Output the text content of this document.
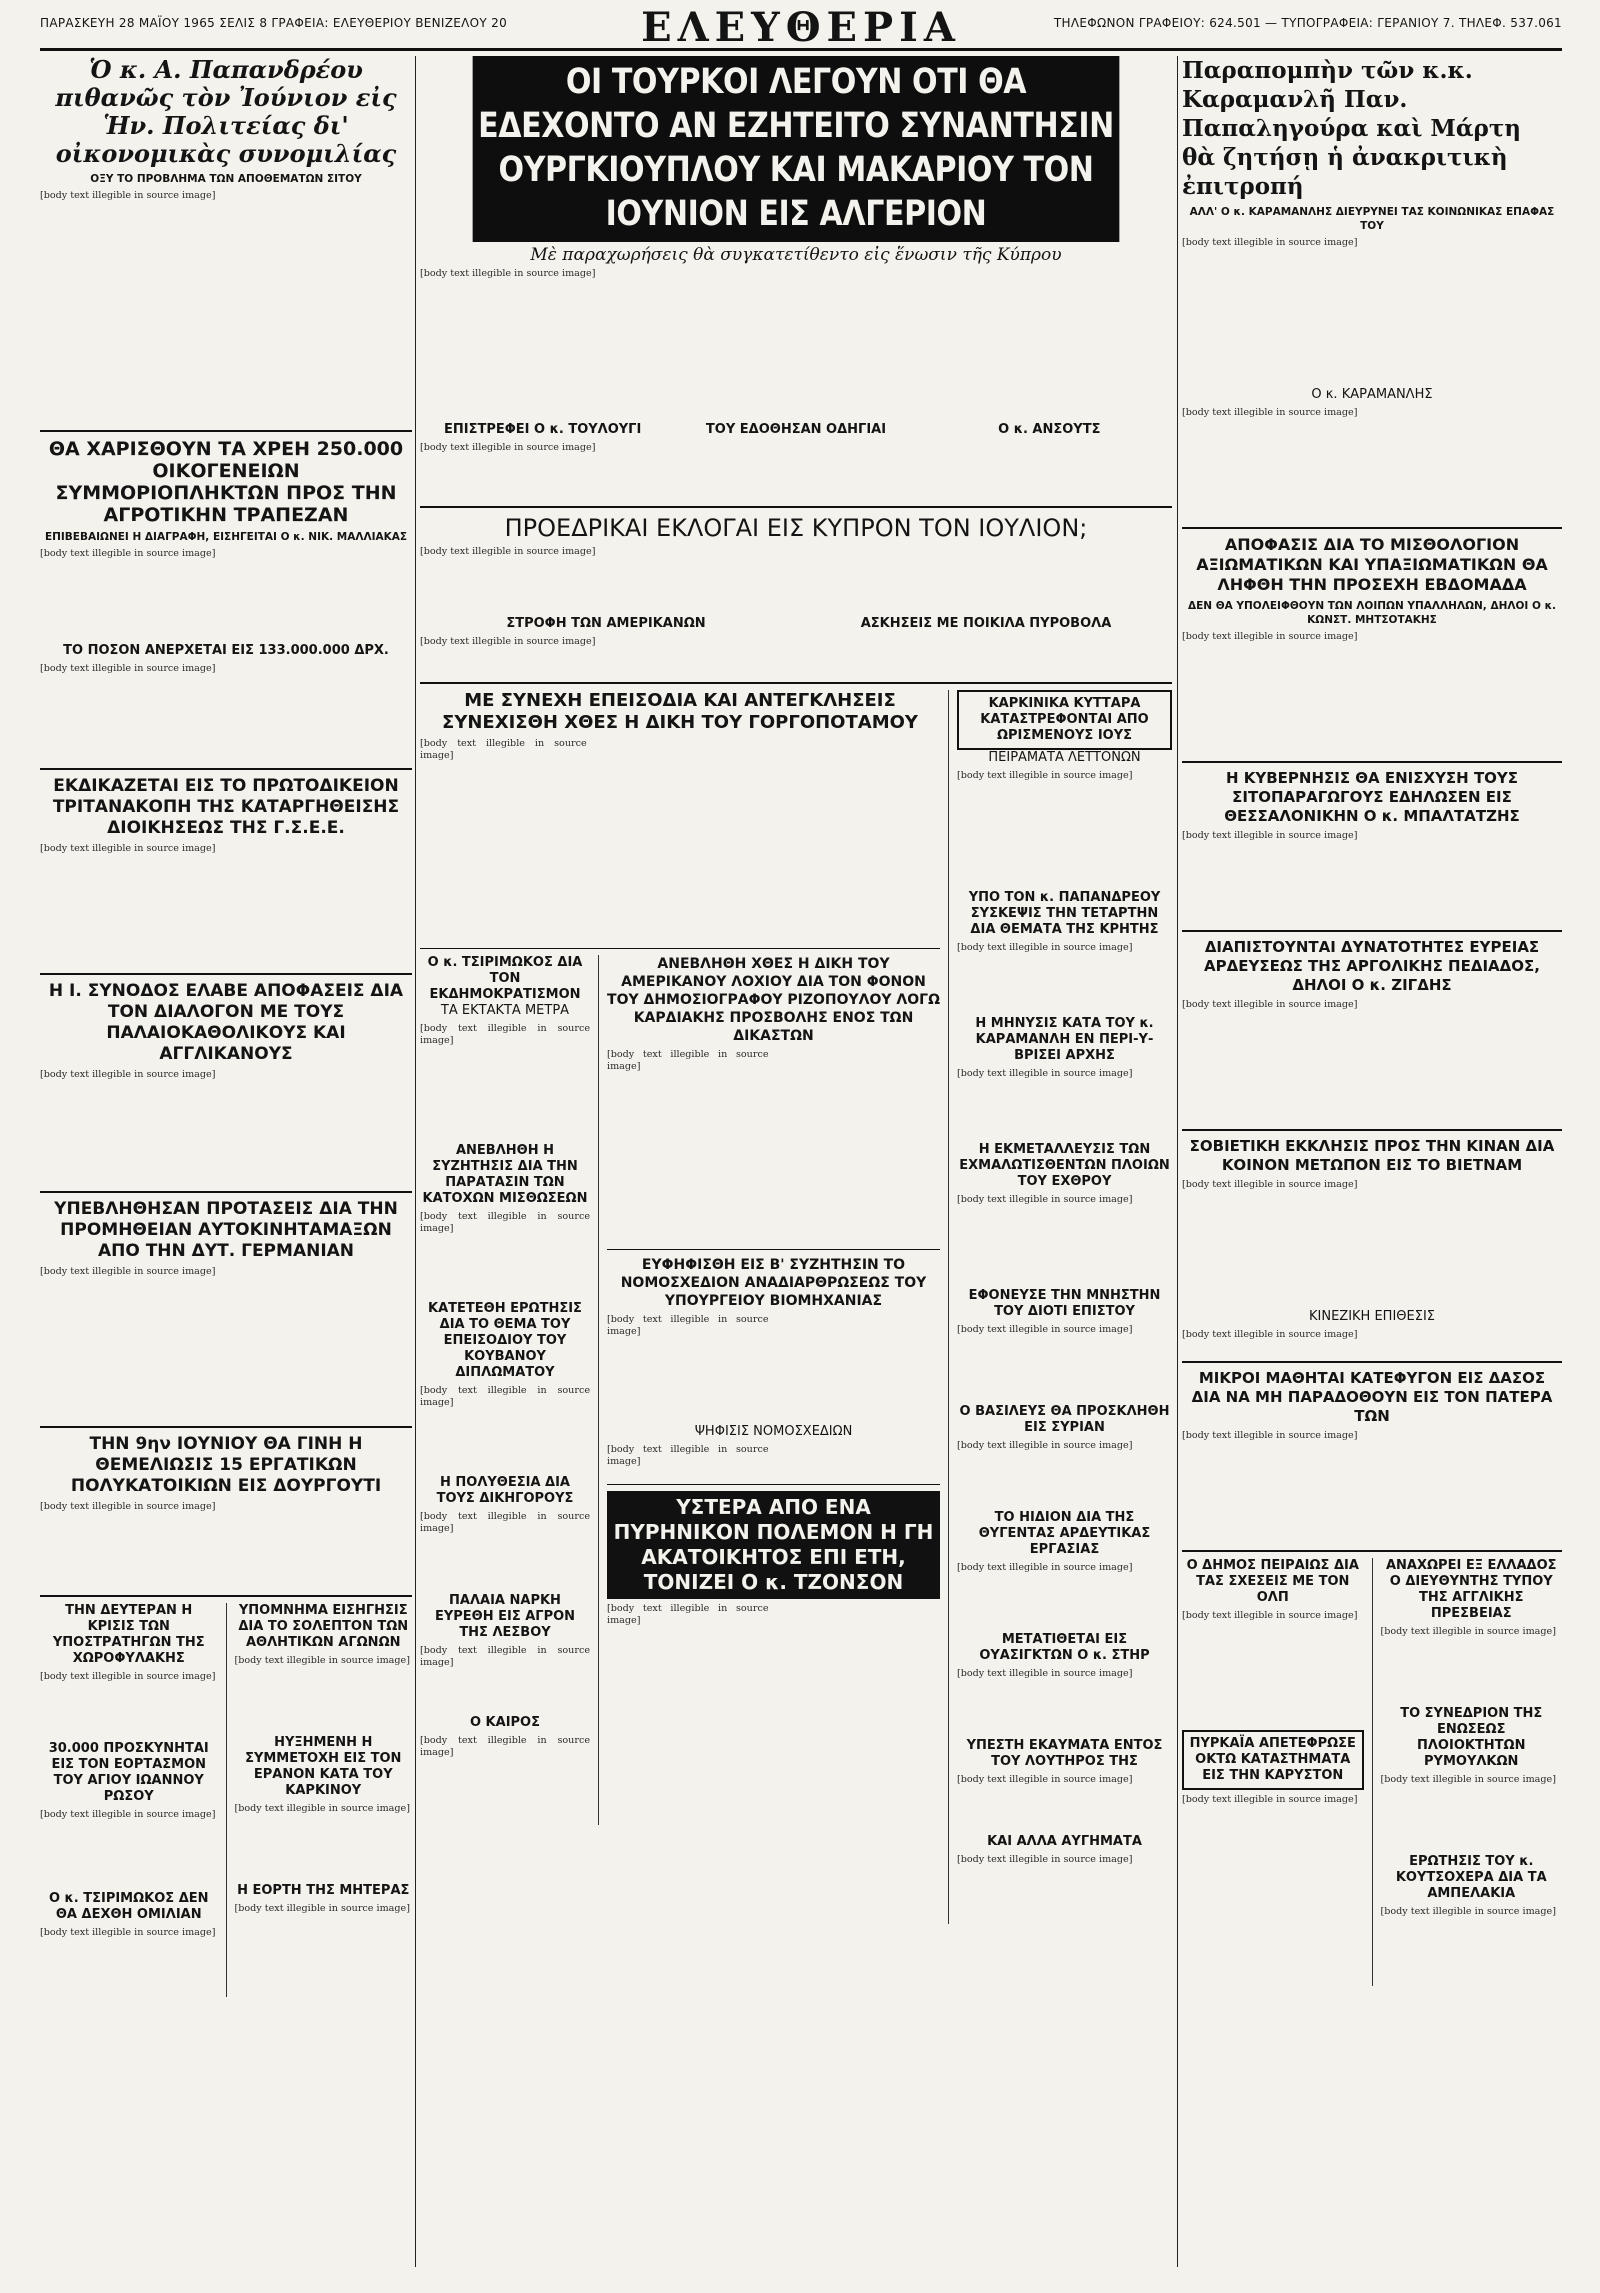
ΠΑΡΑΣΚΕΥΗ 28 ΜΑΪΟΥ 1965 ΣΕΛΙΣ 8 ΓΡΑΦΕΙΑ: ΕΛΕΥΘΕΡΙΟΥ ΒΕΝΙΖΕΛΟΥ 20	ΕΛΕΥΘΕΡΙΑ	ΤΗΛΕΦΩΝΟΝ ΓΡΑΦΕΙΟΥ: 624.501 — ΤΥΠΟΓΡΑΦΕΙΑ: ΓΕΡΑΝΙΟΥ 7. ΤΗΛΕΦ. 537.061
Ὁ κ. Α. Παπανδρέου πιθανῶς τὸν Ἰούνιον εἰς Ἡν. Πολιτείας δι' οἰκονομικὰς συνομιλίας
ΟΞΥ ΤΟ ΠΡΟΒΛΗΜΑ ΤΩΝ ΑΠΟΘΕΜΑΤΩΝ ΣΙΤΟΥ
[body text illegible in source image]
ΘΑ ΧΑΡΙΣΘΟΥΝ ΤΑ ΧΡΕΗ 250.000 ΟΙΚΟΓΕΝΕΙΩΝ ΣΥΜΜΟΡΙΟΠΛΗΚΤΩΝ ΠΡΟΣ ΤΗΝ ΑΓΡΟΤΙΚΗΝ ΤΡΑΠΕΖΑΝ
ΕΠΙΒΕΒΑΙΩΝΕΙ Η ΔΙΑΓΡΑΦΗ, ΕΙΣΗΓΕΙΤΑΙ Ο κ. ΝΙΚ. ΜΑΛΛΙΑΚΑΣ
[body text illegible in source image]
ΤΟ ΠΟΣΟΝ ΑΝΕΡΧΕΤΑΙ ΕΙΣ 133.000.000 ΔΡΧ.
[body text illegible in source image]
ΕΚΔΙΚΑΖΕΤΑΙ ΕΙΣ ΤΟ ΠΡΩΤΟΔΙΚΕΙΟΝ ΤΡΙΤΑΝΑΚΟΠΗ ΤΗΣ ΚΑΤΑΡΓΗΘΕΙΣΗΣ ΔΙΟΙΚΗΣΕΩΣ ΤΗΣ Γ.Σ.Ε.Ε.
[body text illegible in source image]
Η Ι. ΣΥΝΟΔΟΣ ΕΛΑΒΕ ΑΠΟΦΑΣΕΙΣ ΔΙΑ ΤΟΝ ΔΙΑΛΟΓΟΝ ΜΕ ΤΟΥΣ ΠΑΛΑΙΟΚΑΘΟΛΙΚΟΥΣ ΚΑΙ ΑΓΓΛΙΚΑΝΟΥΣ
[body text illegible in source image]
ΥΠΕΒΛΗΘΗΣΑΝ ΠΡΟΤΑΣΕΙΣ ΔΙΑ ΤΗΝ ΠΡΟΜΗΘΕΙΑΝ ΑΥΤΟΚΙΝΗΤΑΜΑΞΩΝ ΑΠΟ ΤΗΝ ΔΥΤ. ΓΕΡΜΑΝΙΑΝ
[body text illegible in source image]
ΤΗΝ 9ην ΙΟΥΝΙΟΥ ΘΑ ΓΙΝΗ Η ΘΕΜΕΛΙΩΣΙΣ 15 ΕΡΓΑΤΙΚΩΝ ΠΟΛΥΚΑΤΟΙΚΙΩΝ ΕΙΣ ΔΟΥΡΓΟΥΤΙ
[body text illegible in source image]
ΤΗΝ ΔΕΥΤΕΡΑΝ Η ΚΡΙΣΙΣ ΤΩΝ ΥΠΟΣΤΡΑΤΗΓΩΝ ΤΗΣ ΧΩΡΟΦΥΛΑΚΗΣ
[body text illegible in source image]
30.000 ΠΡΟΣΚΥΝΗΤΑΙ ΕΙΣ ΤΟΝ ΕΟΡΤΑΣΜΟΝ ΤΟΥ ΑΓΙΟΥ ΙΩΑΝΝΟΥ ΡΩΣΟΥ
[body text illegible in source image]
Ο κ. ΤΣΙΡΙΜΩΚΟΣ ΔΕΝ ΘΑ ΔΕΧΘΗ ΟΜΙΛΙΑΝ
[body text illegible in source image]
ΥΠΟΜΝΗΜΑ ΕΙΣΗΓΗΣΙΣ ΔΙΑ ΤΟ ΣΟΛΕΠΤΟΝ ΤΩΝ ΑΘΛΗΤΙΚΩΝ ΑΓΩΝΩΝ
[body text illegible in source image]
ΗΥΞΗΜΕΝΗ Η ΣΥΜΜΕΤΟΧΗ ΕΙΣ ΤΟΝ ΕΡΑΝΟΝ ΚΑΤΑ ΤΟΥ ΚΑΡΚΙΝΟΥ
[body text illegible in source image]
Η ΕΟΡΤΗ ΤΗΣ ΜΗΤΕΡΑΣ
[body text illegible in source image]
ΟΙ ΤΟΥΡΚΟΙ ΛΕΓΟΥΝ ΟΤΙ ΘΑ ΕΔΕΧΟΝΤΟ ΑΝ ΕΖΗΤΕΙΤΟ ΣΥΝΑΝΤΗΣΙΝ ΟΥΡΓΚΙΟΥΠΛΟΥ ΚΑΙ ΜΑΚΑΡΙΟΥ ΤΟΝ ΙΟΥΝΙΟΝ ΕΙΣ ΑΛΓΕΡΙΟΝ
Μὲ παραχωρήσεις θὰ συγκατετίθεντο εἰς ἕνωσιν τῆς Κύπρου
[body text illegible in source image]
ΕΠΙΣΤΡΕΦΕΙ Ο κ. ΤΟΥΛΟΥΓΙ	ΤΟΥ ΕΔΟΘΗΣΑΝ ΟΔΗΓΙΑΙ	Ο κ. ΑΝΣΟΥΤΣ
[body text illegible in source image]
ΠΡΟΕΔΡΙΚΑΙ ΕΚΛΟΓΑΙ ΕΙΣ ΚΥΠΡΟΝ ΤΟΝ ΙΟΥΛΙΟΝ;
[body text illegible in source image]
ΣΤΡΟΦΗ ΤΩΝ ΑΜΕΡΙΚΑΝΩΝ	ΑΣΚΗΣΕΙΣ ΜΕ ΠΟΙΚΙΛΑ ΠΥΡΟΒΟΛΑ
[body text illegible in source image]
ΜΕ ΣΥΝΕΧΗ ΕΠΕΙΣΟΔΙΑ ΚΑΙ ΑΝΤΕΓΚΛΗΣΕΙΣ ΣΥΝΕΧΙΣΘΗ ΧΘΕΣ Η ΔΙΚΗ ΤΟΥ ΓΟΡΓΟΠΟΤΑΜΟΥ
[body text illegible in source image]
Ο κ. ΤΣΙΡΙΜΩΚΟΣ ΔΙΑ ΤΟΝ ΕΚΔΗΜΟΚΡΑΤΙΣΜΟΝ
ΤΑ ΕΚΤΑΚΤΑ ΜΕΤΡΑ
[body text illegible in source image]
ΑΝΕΒΛΗΘΗ Η ΣΥΖΗΤΗΣΙΣ ΔΙΑ ΤΗΝ ΠΑΡΑΤΑΣΙΝ ΤΩΝ ΚΑΤΟΧΩΝ ΜΙΣΘΩΣΕΩΝ
[body text illegible in source image]
ΚΑΤΕΤΕΘΗ ΕΡΩΤΗΣΙΣ ΔΙΑ ΤΟ ΘΕΜΑ ΤΟΥ ΕΠΕΙΣΟΔΙΟΥ ΤΟΥ ΚΟΥΒΑΝΟΥ ΔΙΠΛΩΜΑΤΟΥ
[body text illegible in source image]
Η ΠΟΛΥΘΕΣΙΑ ΔΙΑ ΤΟΥΣ ΔΙΚΗΓΟΡΟΥΣ
[body text illegible in source image]
ΠΑΛΑΙΑ ΝΑΡΚΗ ΕΥΡΕΘΗ ΕΙΣ ΑΓΡΟΝ ΤΗΣ ΛΕΣΒΟΥ
[body text illegible in source image]
Ο ΚΑΙΡΟΣ
[body text illegible in source image]
ΑΝΕΒΛΗΘΗ ΧΘΕΣ Η ΔΙΚΗ ΤΟΥ ΑΜΕΡΙΚΑΝΟΥ ΛΟΧΙΟΥ ΔΙΑ ΤΟΝ ΦΟΝΟΝ ΤΟΥ ΔΗΜΟΣΙΟΓΡΑΦΟΥ ΡΙΖΟΠΟΥΛΟΥ ΛΟΓΩ ΚΑΡΔΙΑΚΗΣ ΠΡΟΣΒΟΛΗΣ ΕΝΟΣ ΤΩΝ ΔΙΚΑΣΤΩΝ
[body text illegible in source image]
ΕΥΦΗΦΙΣΘΗ ΕΙΣ Β' ΣΥΖΗΤΗΣΙΝ ΤΟ ΝΟΜΟΣΧΕΔΙΟΝ ΑΝΑΔΙΑΡΘΡΩΣΕΩΣ ΤΟΥ ΥΠΟΥΡΓΕΙΟΥ ΒΙΟΜΗΧΑΝΙΑΣ
[body text illegible in source image]
ΨΗΦΙΣΙΣ ΝΟΜΟΣΧΕΔΙΩΝ
[body text illegible in source image]
ΥΣΤΕΡΑ ΑΠΟ ΕΝΑ ΠΥΡΗΝΙΚΟΝ ΠΟΛΕΜΟΝ Η ΓΗ ΑΚΑΤΟΙΚΗΤΟΣ ΕΠΙ ΕΤΗ, ΤΟΝΙΖΕΙ Ο κ. ΤΖΟΝΣΟΝ
[body text illegible in source image]
ΚΑΡΚΙΝΙΚΑ ΚΥΤΤΑΡΑ ΚΑΤΑΣΤΡΕΦΟΝΤΑΙ ΑΠΟ ΩΡΙΣΜΕΝΟΥΣ ΙΟΥΣ
ΠΕΙΡΑΜΑΤΑ ΛΕΤΤΟΝΩΝ
[body text illegible in source image]
ΥΠΟ ΤΟΝ κ. ΠΑΠΑΝΔΡΕΟΥ ΣΥΣΚΕΨΙΣ ΤΗΝ ΤΕΤΑΡΤΗΝ ΔΙΑ ΘΕΜΑΤΑ ΤΗΣ ΚΡΗΤΗΣ
[body text illegible in source image]
Η ΜΗΝΥΣΙΣ ΚΑΤΑ ΤΟΥ κ. ΚΑΡΑΜΑΝΛΗ ΕΝ ΠΕΡΙ-Υ-ΒΡΙΣΕΙ ΑΡΧΗΣ
[body text illegible in source image]
Η ΕΚΜΕΤΑΛΛΕΥΣΙΣ ΤΩΝ ΕΧΜΑΛΩΤΙΣΘΕΝΤΩΝ ΠΛΟΙΩΝ ΤΟΥ ΕΧΘΡΟΥ
[body text illegible in source image]
ΕΦΟΝΕΥΣΕ ΤΗΝ ΜΝΗΣΤΗΝ ΤΟΥ ΔΙΟΤΙ ΕΠΙΣΤΟΥ
[body text illegible in source image]
Ο ΒΑΣΙΛΕΥΣ ΘΑ ΠΡΟΣΚΛΗΘΗ ΕΙΣ ΣΥΡΙΑΝ
[body text illegible in source image]
ΤΟ ΗΙΔΙΟΝ ΔΙΑ ΤΗΣ ΘΥΓΕΝΤΑΣ ΑΡΔΕΥΤΙΚΑΣ ΕΡΓΑΣΙΑΣ
[body text illegible in source image]
ΜΕΤΑΤΙΘΕΤΑΙ ΕΙΣ ΟΥΑΣΙΓΚΤΩΝ Ο κ. ΣΤΗΡ
[body text illegible in source image]
ΥΠΕΣΤΗ ΕΚΑΥΜΑΤΑ ΕΝΤΟΣ ΤΟΥ ΛΟΥΤΗΡΟΣ ΤΗΣ
[body text illegible in source image]
ΚΑΙ ΑΛΛΑ ΑΥΓΗΜΑΤΑ
[body text illegible in source image]
Παραπομπὴν τῶν κ.κ. Καραμανλῆ Παν. Παπαληγούρα καὶ Μάρτη θὰ ζητήσῃ ἡ ἀνακριτικὴ ἐπιτροπή
ΑΛΛ' Ο κ. ΚΑΡΑΜΑΝΛΗΣ ΔΙΕΥΡΥΝΕΙ ΤΑΣ ΚΟΙΝΩΝΙΚΑΣ ΕΠΑΦΑΣ ΤΟΥ
[body text illegible in source image]
Ο κ. ΚΑΡΑΜΑΝΛΗΣ
[body text illegible in source image]
ΑΠΟΦΑΣΙΣ ΔΙΑ ΤΟ ΜΙΣΘΟΛΟΓΙΟΝ ΑΞΙΩΜΑΤΙΚΩΝ ΚΑΙ ΥΠΑΞΙΩΜΑΤΙΚΩΝ ΘΑ ΛΗΦΘΗ ΤΗΝ ΠΡΟΣΕΧΗ ΕΒΔΟΜΑΔΑ
ΔΕΝ ΘΑ ΥΠΟΛΕΙΦΘΟΥΝ ΤΩΝ ΛΟΙΠΩΝ ΥΠΑΛΛΗΛΩΝ, ΔΗΛΟΙ Ο κ. ΚΩΝΣΤ. ΜΗΤΣΟΤΑΚΗΣ
[body text illegible in source image]
Η ΚΥΒΕΡΝΗΣΙΣ ΘΑ ΕΝΙΣΧΥΣΗ ΤΟΥΣ ΣΙΤΟΠΑΡΑΓΩΓΟΥΣ ΕΔΗΛΩΣΕΝ ΕΙΣ ΘΕΣΣΑΛΟΝΙΚΗΝ Ο κ. ΜΠΑΛΤΑΤΖΗΣ
[body text illegible in source image]
ΔΙΑΠΙΣΤΟΥΝΤΑΙ ΔΥΝΑΤΟΤΗΤΕΣ ΕΥΡΕΙΑΣ ΑΡΔΕΥΣΕΩΣ ΤΗΣ ΑΡΓΟΛΙΚΗΣ ΠΕΔΙΑΔΟΣ, ΔΗΛΟΙ Ο κ. ΖΙΓΔΗΣ
[body text illegible in source image]
ΣΟΒΙΕΤΙΚΗ ΕΚΚΛΗΣΙΣ ΠΡΟΣ ΤΗΝ ΚΙΝΑΝ ΔΙΑ ΚΟΙΝΟΝ ΜΕΤΩΠΟΝ ΕΙΣ ΤΟ ΒΙΕΤΝΑΜ
[body text illegible in source image]
ΚΙΝΕΖΙΚΗ ΕΠΙΘΕΣΙΣ
[body text illegible in source image]
ΜΙΚΡΟΙ ΜΑΘΗΤΑΙ ΚΑΤΕΦΥΓΟΝ ΕΙΣ ΔΑΣΟΣ ΔΙΑ ΝΑ ΜΗ ΠΑΡΑΔΟΘΟΥΝ ΕΙΣ ΤΟΝ ΠΑΤΕΡΑ ΤΩΝ
[body text illegible in source image]
Ο ΔΗΜΟΣ ΠΕΙΡΑΙΩΣ ΔΙΑ ΤΑΣ ΣΧΕΣΕΙΣ ΜΕ ΤΟΝ ΟΛΠ
[body text illegible in source image]
ΠΥΡΚΑΪΑ ΑΠΕΤΕΦΡΩΣΕ ΟΚΤΩ ΚΑΤΑΣΤΗΜΑΤΑ ΕΙΣ ΤΗΝ ΚΑΡΥΣΤΟΝ
[body text illegible in source image]
ΑΝΑΧΩΡΕΙ ΕΞ ΕΛΛΑΔΟΣ Ο ΔΙΕΥΘΥΝΤΗΣ ΤΥΠΟΥ ΤΗΣ ΑΓΓΛΙΚΗΣ ΠΡΕΣΒΕΙΑΣ
[body text illegible in source image]
ΤΟ ΣΥΝΕΔΡΙΟΝ ΤΗΣ ΕΝΩΣΕΩΣ ΠΛΟΙΟΚΤΗΤΩΝ ΡΥΜΟΥΛΚΩΝ
[body text illegible in source image]
ΕΡΩΤΗΣΙΣ ΤΟΥ κ. ΚΟΥΤΣΟΧΕΡΑ ΔΙΑ ΤΑ ΑΜΠΕΛΑΚΙΑ
[body text illegible in source image]
